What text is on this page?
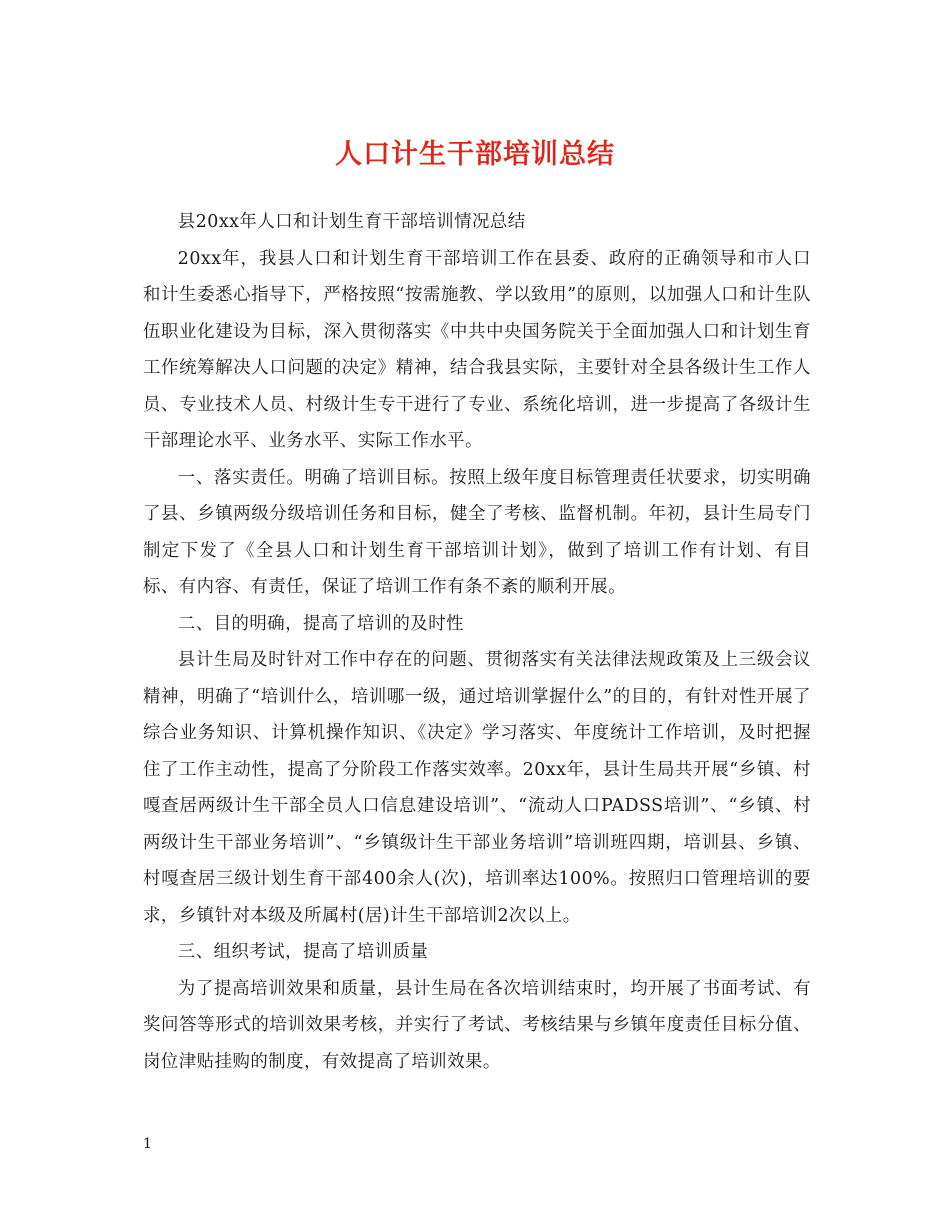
人口计生干部培训总结

县20xx年人口和计划生育干部培训情况总结

20xx年，我县人口和计划生育干部培训工作在县委、政府的正确领导和市人口和计生委悉心指导下，严格按照“按需施教、学以致用”的原则，以加强人口和计生队伍职业化建设为目标，深入贯彻落实《中共中央国务院关于全面加强人口和计划生育工作统筹解决人口问题的决定》精神，结合我县实际，主要针对全县各级计生工作人员、专业技术人员、村级计生专干进行了专业、系统化培训，进一步提高了各级计生干部理论水平、业务水平、实际工作水平。

一、落实责任。明确了培训目标。按照上级年度目标管理责任状要求，切实明确了县、乡镇两级分级培训任务和目标，健全了考核、监督机制。年初，县计生局专门制定下发了《全县人口和计划生育干部培训计划》，做到了培训工作有计划、有目标、有内容、有责任，保证了培训工作有条不紊的顺利开展。

二、目的明确，提高了培训的及时性

县计生局及时针对工作中存在的问题、贯彻落实有关法律法规政策及上三级会议精神，明确了“培训什么，培训哪一级，通过培训掌握什么”的目的，有针对性开展了综合业务知识、计算机操作知识、《决定》学习落实、年度统计工作培训，及时把握住了工作主动性，提高了分阶段工作落实效率。20xx年，县计生局共开展“乡镇、村嘎查居两级计生干部全员人口信息建设培训”、“流动人口PADSS培训”、“乡镇、村两级计生干部业务培训”、“乡镇级计生干部业务培训”培训班四期，培训县、乡镇、村嘎查居三级计划生育干部400余人(次)，培训率达100%。按照归口管理培训的要求，乡镇针对本级及所属村(居)计生干部培训2次以上。

三、组织考试，提高了培训质量

为了提高培训效果和质量，县计生局在各次培训结束时，均开展了书面考试、有奖问答等形式的培训效果考核，并实行了考试、考核结果与乡镇年度责任目标分值、岗位津贴挂购的制度，有效提高了培训效果。

1
